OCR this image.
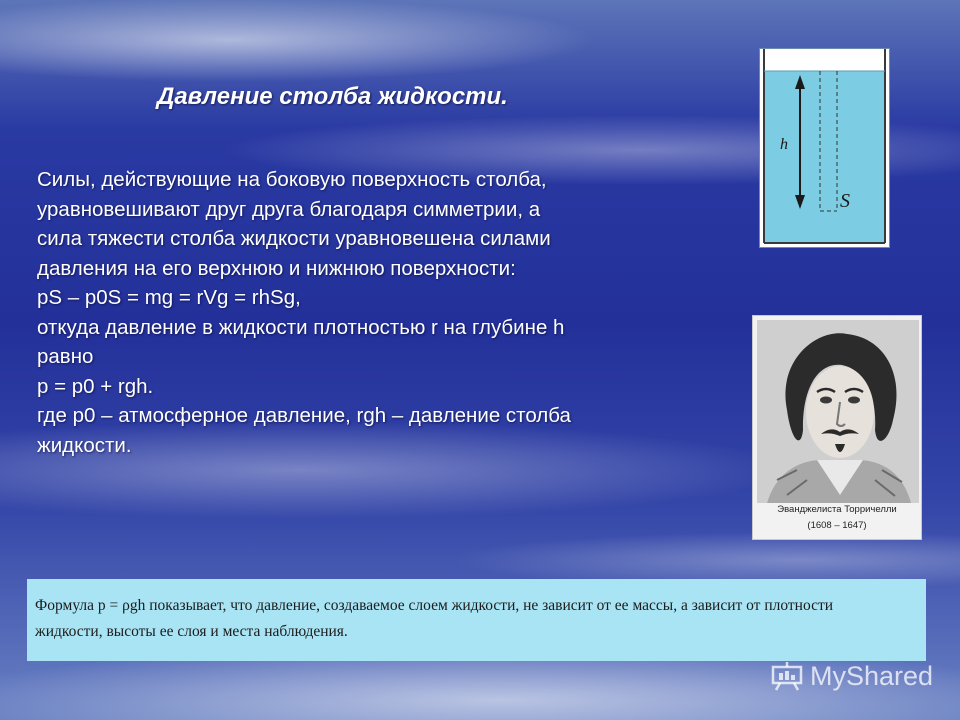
Давление столба жидкости.
Силы, действующие на боковую поверхность столба,
уравновешивают друг друга благодаря симметрии, а
сила тяжести столба жидкости уравновешена силами
давления на его верхнюю и нижнюю поверхности:
pS – p0S = mg = rVg = rhSg,
откуда давление в жидкости плотностью r на глубине h
равно
p = p0 + rgh.
где p0 – атмосферное давление, rgh – давление столба
жидкости.
h
S
Эванджелиста Торричелли
(1608 – 1647)
Формула p = ρgh показывает, что давление, создаваемое слоем жидкости, не зависит от ее массы, а зависит от плотности
жидкости, высоты ее слоя и места наблюдения.
MyShared
